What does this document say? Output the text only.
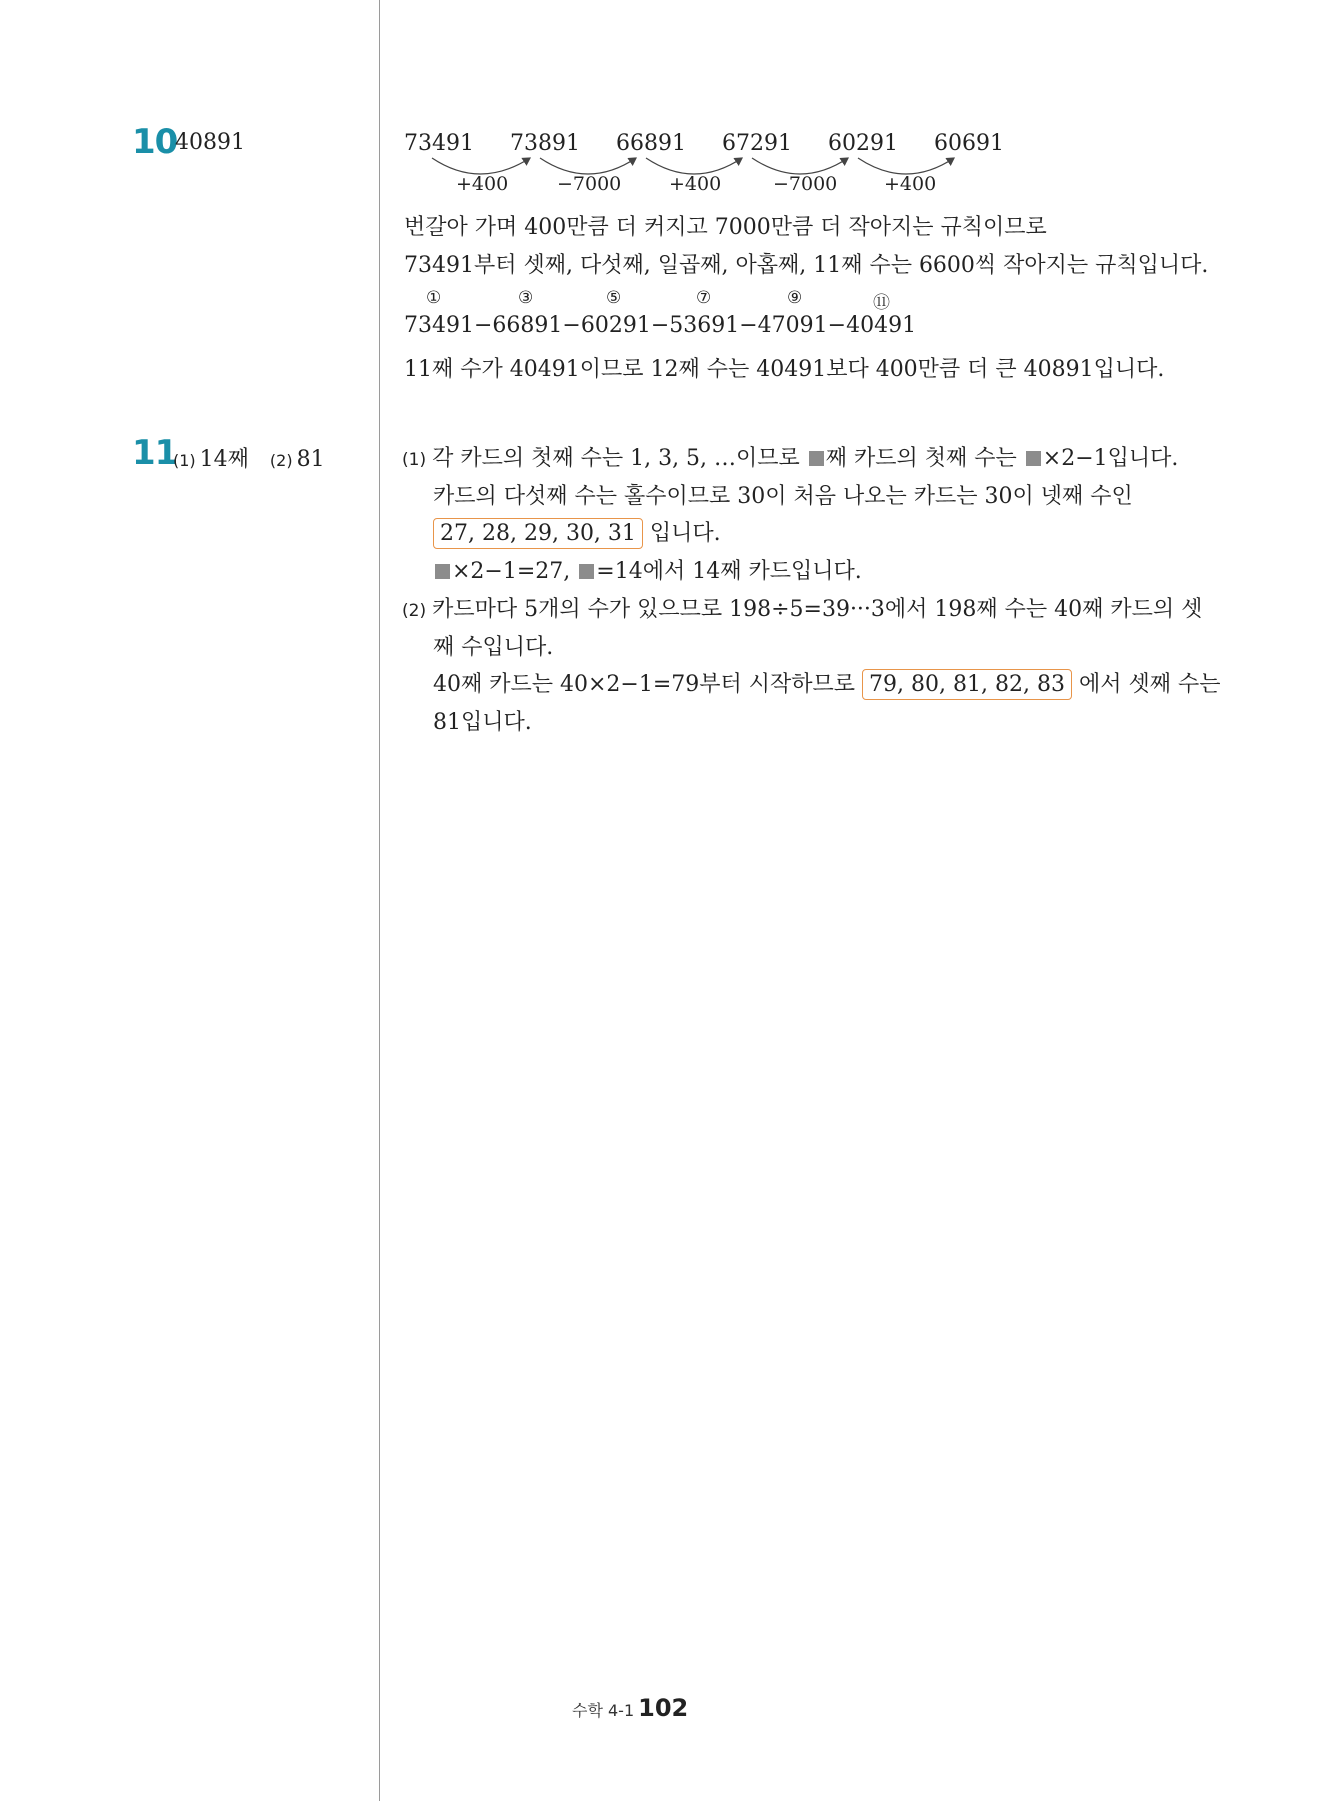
10
40891	73491 73891 66891 67291 60291 60691
+400	−7000	+400	−7000 +400
번갈아 가며 400만큼 더 커지고 7000만큼 더 작아지는 규칙이므로
73491부터 셋째, 다섯째, 일곱째, 아홉째, 11째 수는 6600씩 작아지는 규칙입니다.
①	③	⑤	⑦	⑨	⑪
73491−66891−60291−53691−47091−40491
11째 수가 40491이므로 12째 수는 40491보다 400만큼 더 큰 40891입니다.
11
(1) 14째 (2) 81	(1) 각 카드의 첫째 수는 1, 3, 5, …이므로 째 카드의 첫째 수는 ×2−1입니다.
카드의 다섯째 수는 홀수이므로 30이 처음 나오는 카드는 30이 넷째 수인
27, 28, 29, 30, 31 입니다.
×2−1=27, =14에서 14째 카드입니다.
(2) 카드마다 5개의 수가 있으므로 198÷5=39···3에서 198째 수는 40째 카드의 셋
째 수입니다.
40째 카드는 40×2−1=79부터 시작하므로 79, 80, 81, 82, 83 에서 셋째 수는
81입니다.
수학 4-1 102
